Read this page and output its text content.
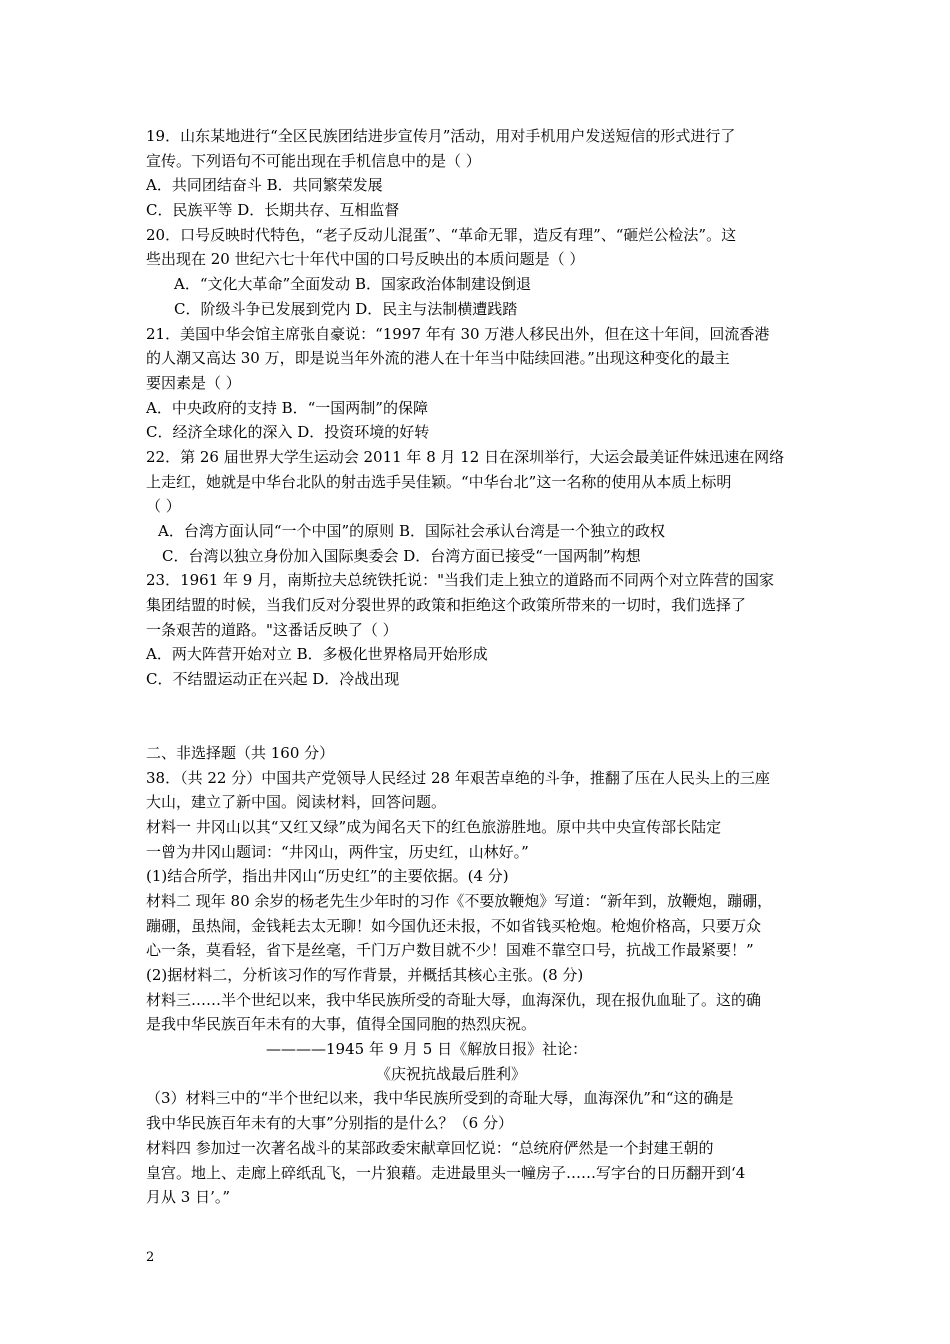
19．山东某地进行“全区民族团结进步宣传月”活动，用对手机用户发送短信的形式进行了
宣传。下列语句不可能出现在手机信息中的是（ ）
A．共同团结奋斗 B．共同繁荣发展
C．民族平等 D．长期共存、互相监督
20．口号反映时代特色，“老子反动儿混蛋”、“革命无罪，造反有理”、“砸烂公检法”。这
些出现在 20 世纪六七十年代中国的口号反映出的本质问题是（ ）
A．“文化大革命”全面发动 B．国家政治体制建设倒退
C．阶级斗争已发展到党内 D．民主与法制横遭践踏
21．美国中华会馆主席张自豪说：“1997 年有 30 万港人移民出外，但在这十年间，回流香港
的人潮又高达 30 万，即是说当年外流的港人在十年当中陆续回港。”出现这种变化的最主
要因素是（ ）
A．中央政府的支持 B．“一国两制”的保障
C．经济全球化的深入 D．投资环境的好转
22．第 26 届世界大学生运动会 2011 年 8 月 12 日在深圳举行，大运会最美证件妹迅速在网络
上走红，她就是中华台北队的射击选手吴佳颖。“中华台北”这一名称的使用从本质上标明
（ ）
A．台湾方面认同“一个中国”的原则 B．国际社会承认台湾是一个独立的政权
C．台湾以独立身份加入国际奥委会 D．台湾方面已接受“一国两制”构想
23．1961 年 9 月，南斯拉夫总统铁托说："当我们走上独立的道路而不同两个对立阵营的国家
集团结盟的时候，当我们反对分裂世界的政策和拒绝这个政策所带来的一切时，我们选择了
一条艰苦的道路。"这番话反映了（ ）
A．两大阵营开始对立 B．多极化世界格局开始形成
C．不结盟运动正在兴起 D．冷战出现
二、非选择题（共 160 分）
38．（共 22 分）中国共产党领导人民经过 28 年艰苦卓绝的斗争，推翻了压在人民头上的三座
大山，建立了新中国。阅读材料，回答问题。
材料一 井冈山以其“又红又绿”成为闻名天下的红色旅游胜地。原中共中央宣传部长陆定
一曾为井冈山题词：“井冈山，两件宝，历史红，山林好。”
(1)结合所学，指出井冈山“历史红”的主要依据。(4 分)
材料二 现年 80 余岁的杨老先生少年时的习作《不要放鞭炮》写道：“新年到，放鞭炮，蹦硼，
蹦硼，虽热闹，金钱耗去太无聊！如今国仇还未报，不如省钱买枪炮。枪炮价格高，只要万众
心一条，莫看轻，省下是丝毫，千门万户数目就不少！国难不靠空口号，抗战工作最紧要！”
(2)据材料二，分析该习作的写作背景，并概括其核心主张。(8 分)
材料三……半个世纪以来，我中华民族所受的奇耻大辱，血海深仇，现在报仇血耻了。这的确
是我中华民族百年未有的大事，值得全国同胞的热烈庆祝。
————1945 年 9 月 5 日《解放日报》社论：
《庆祝抗战最后胜利》
（3）材料三中的“半个世纪以来，我中华民族所受到的奇耻大辱，血海深仇”和“这的确是
我中华民族百年未有的大事”分别指的是什么？（6 分）
材料四 参加过一次著名战斗的某部政委宋献章回忆说：“总统府俨然是一个封建王朝的
皇宫。地上、走廊上碎纸乱飞，一片狼藉。走进最里头一幢房子……写字台的日历翻开到‘4
月从 3 日’。”
2
